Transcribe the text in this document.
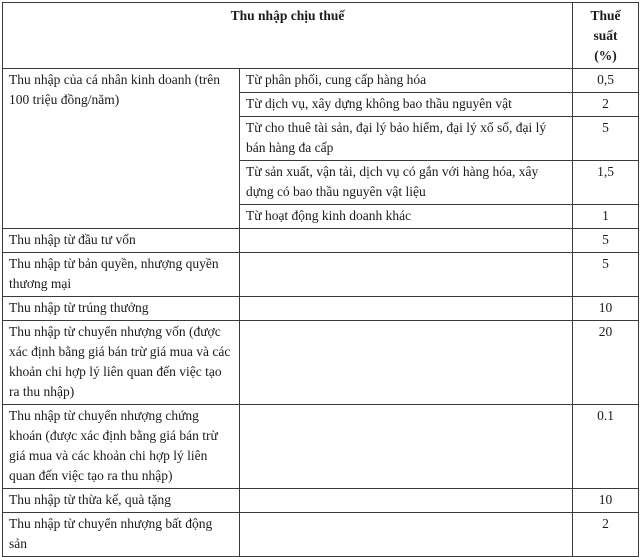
Thu nhập chịu thuế		Thuế suất
(%)

Thu nhập của cá nhân kinh doanh (trên 100 triệu đồng/năm)	Từ phân phối, cung cấp hàng hóa	0,5
	Từ dịch vụ, xây dựng không bao thầu nguyên vật	2
	Từ cho thuê tài sản, đại lý bảo hiểm, đại lý xổ số, đại lý bán hàng đa cấp	5
	Từ sản xuất, vận tải, dịch vụ có gắn với hàng hóa, xây dựng có bao thầu nguyên vật liệu	1,5
	Từ hoạt động kinh doanh khác	1
Thu nhập từ đầu tư vốn		5
Thu nhập từ bản quyền, nhượng quyền thương mại		5
Thu nhập từ trúng thưởng		10
Thu nhập từ chuyển nhượng vốn (được xác định bằng giá bán trừ giá mua và các khoản chi hợp lý liên quan đến việc tạo ra thu nhập)		20
Thu nhập từ chuyển nhượng chứng khoán (được xác định bằng giá bán trừ giá mua và các khoản chi hợp lý liên quan đến việc tạo ra thu nhập)		0.1
Thu nhập từ thừa kế, quà tặng		10
Thu nhập từ chuyển nhượng bất động sản		2
